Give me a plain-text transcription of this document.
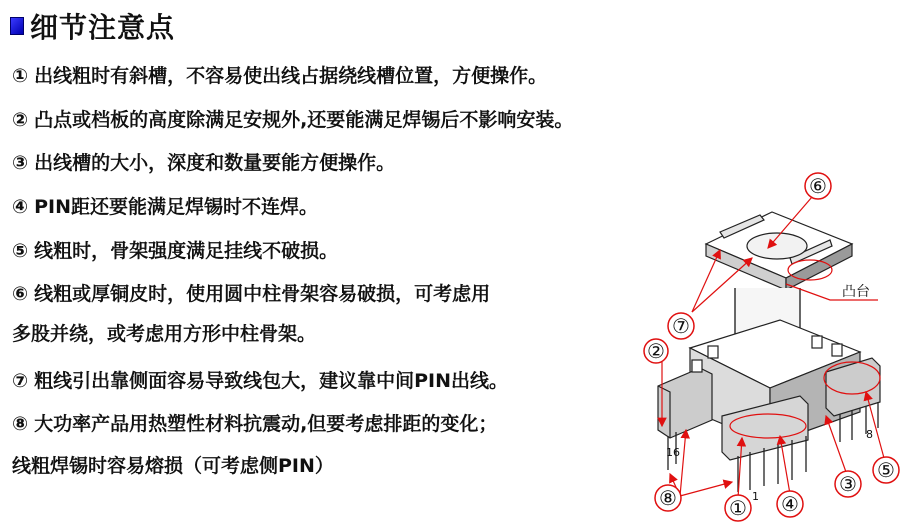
细节注意点
① 出线粗时有斜槽，不容易使出线占据绕线槽位置，方便操作。
② 凸点或档板的高度除满足安规外,还要能满足焊锡后不影响安装。
③ 出线槽的大小，深度和数量要能方便操作。
④ PIN距还要能满足焊锡时不连焊。
⑤ 线粗时，骨架强度满足挂线不破损。
⑥ 线粗或厚铜皮时，使用圆中柱骨架容易破损，可考虑用
多股并绕，或考虑用方形中柱骨架。
⑦ 粗线引出靠侧面容易导致线包大，建议靠中间PIN出线。
⑧ 大功率产品用热塑性材料抗震动,但要考虑排距的变化；
线粗焊锡时容易熔损（可考虑侧PIN）
⑥
⑦
②
⑧	① ④
③
⑤
凸台
16
8
1
